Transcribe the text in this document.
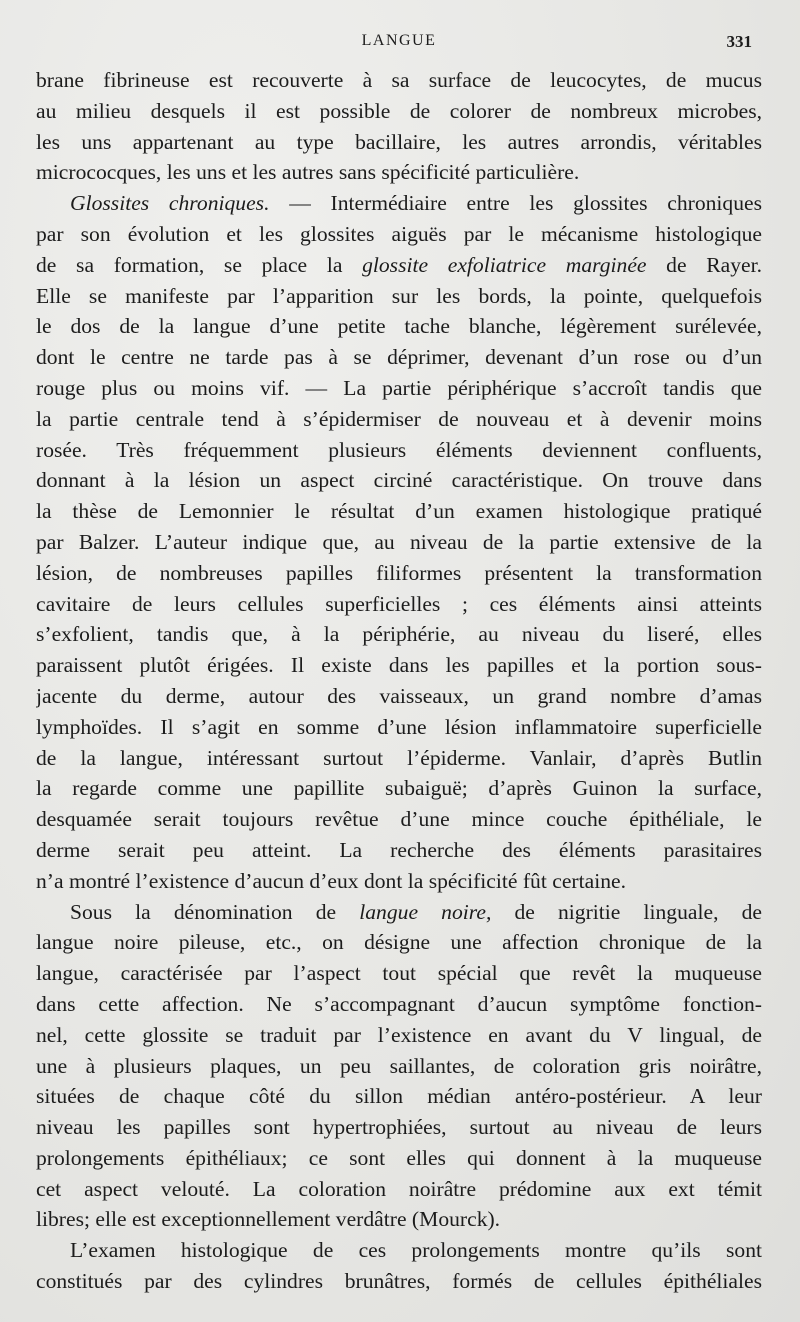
LANGUE	331
brane fibrineuse est recouverte à sa surface de leucocytes, de mucus
au milieu desquels il est possible de colorer de nombreux microbes,
les uns appartenant au type bacillaire, les autres arrondis, véritables
micrococques, les uns et les autres sans spécificité particulière.
Glossites chroniques. — Intermédiaire entre les glossites chroniques
par son évolution et les glossites aiguës par le mécanisme histologique
de sa formation, se place la glossite exfoliatrice marginée de Rayer.
Elle se manifeste par l’apparition sur les bords, la pointe, quelquefois
le dos de la langue d’une petite tache blanche, légèrement surélevée,
dont le centre ne tarde pas à se déprimer, devenant d’un rose ou d’un
rouge plus ou moins vif. — La partie périphérique s’accroît tandis que
la partie centrale tend à s’épidermiser de nouveau et à devenir moins
rosée. Très fréquemment plusieurs éléments deviennent confluents,
donnant à la lésion un aspect circiné caractéristique. On trouve dans
la thèse de Lemonnier le résultat d’un examen histologique pratiqué
par Balzer. L’auteur indique que, au niveau de la partie extensive de la
lésion, de nombreuses papilles filiformes présentent la transformation
cavitaire de leurs cellules superficielles ; ces éléments ainsi atteints
s’exfolient, tandis que, à la périphérie, au niveau du liseré, elles
paraissent plutôt érigées. Il existe dans les papilles et la portion sous-
jacente du derme, autour des vaisseaux, un grand nombre d’amas
lymphoïdes. Il s’agit en somme d’une lésion inflammatoire superficielle
de la langue, intéressant surtout l’épiderme. Vanlair, d’après Butlin
la regarde comme une papillite subaiguë; d’après Guinon la surface,
desquamée serait toujours revêtue d’une mince couche épithéliale, le
derme serait peu atteint. La recherche des éléments parasitaires
n’a montré l’existence d’aucun d’eux dont la spécificité fût certaine.
Sous la dénomination de langue noire, de nigritie linguale, de
langue noire pileuse, etc., on désigne une affection chronique de la
langue, caractérisée par l’aspect tout spécial que revêt la muqueuse
dans cette affection. Ne s’accompagnant d’aucun symptôme fonction-
nel, cette glossite se traduit par l’existence en avant du V lingual, de
une à plusieurs plaques, un peu saillantes, de coloration gris noirâtre,
situées de chaque côté du sillon médian antéro-postérieur. A leur
niveau les papilles sont hypertrophiées, surtout au niveau de leurs
prolongements épithéliaux; ce sont elles qui donnent à la muqueuse
cet aspect velouté. La coloration noirâtre prédomine aux ext témit
libres; elle est exceptionnellement verdâtre (Mourck).
L’examen histologique de ces prolongements montre qu’ils sont
constitués par des cylindres brunâtres, formés de cellules épithéliales
